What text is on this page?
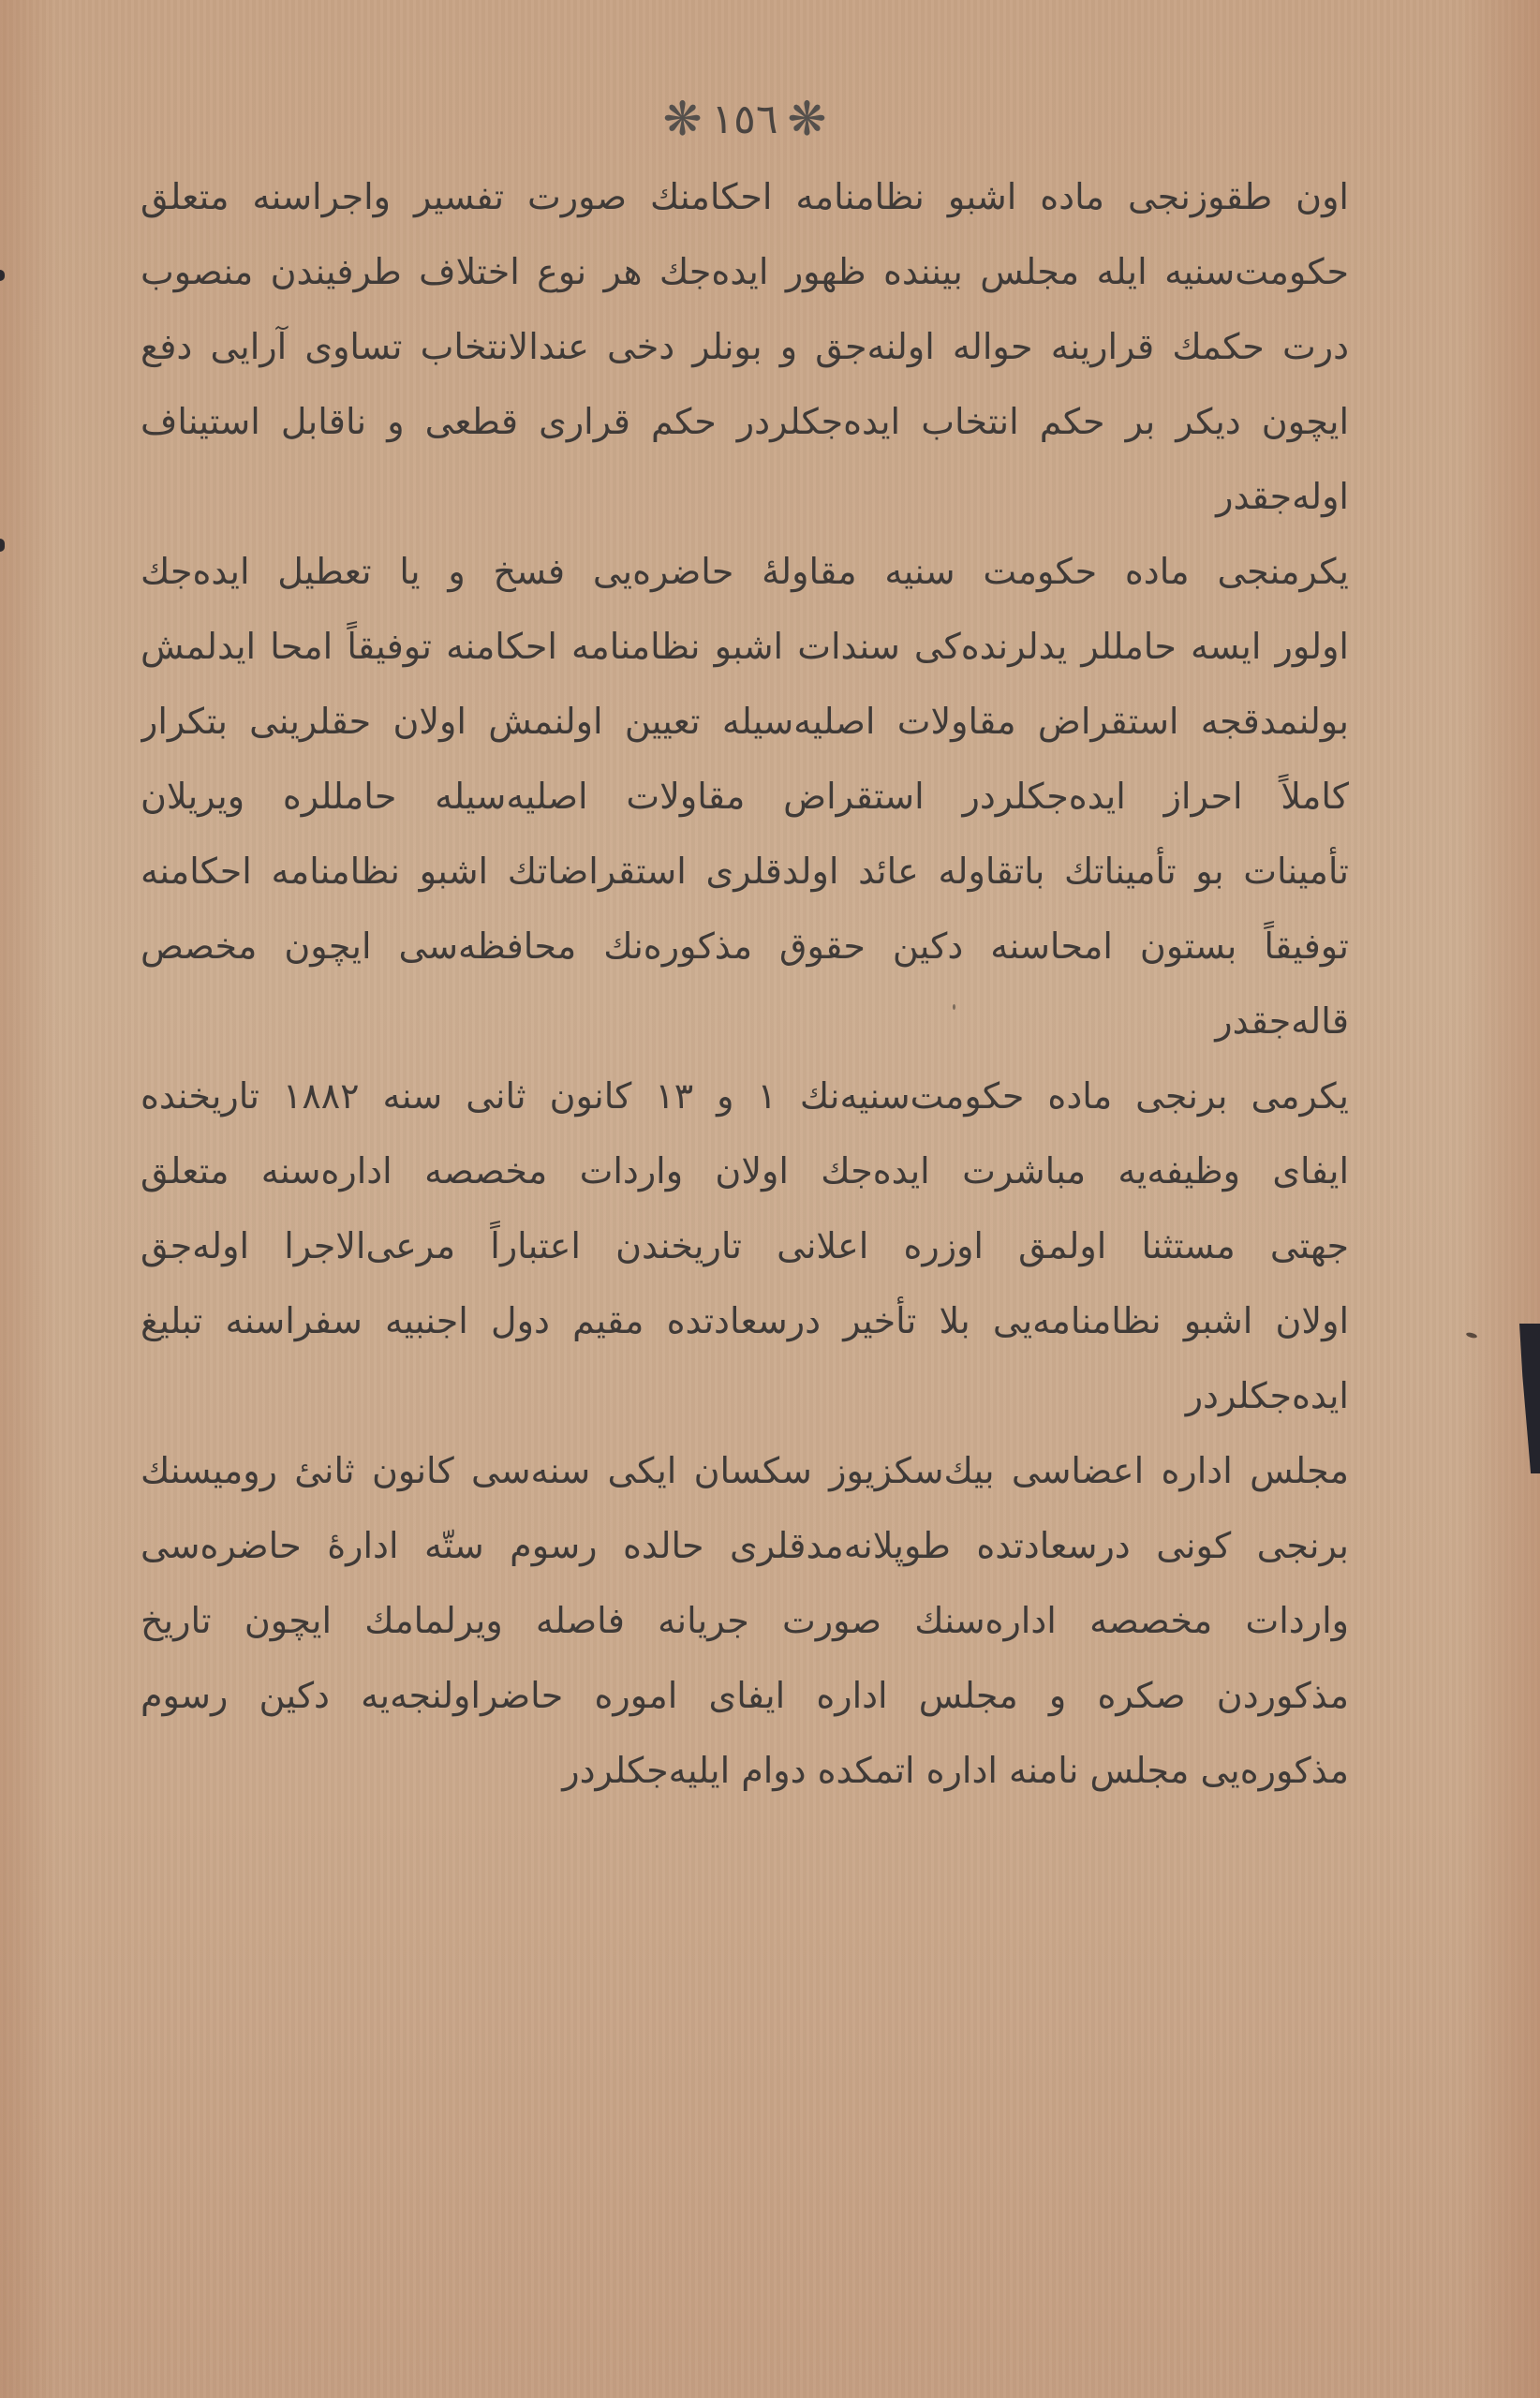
❋
١٥٦
❋
اون طقوزنجی ماده اشبو نظامنامه احکامنك صورت تفسیر واجراسنه متعلق
حکومت‌سنیه ایله مجلس بیننده ظهور ایده‌جك هر نوع اختلاف طرفیندن منصوب
درت حکمك قرارینه حواله اولنه‌جق و بونلر دخی عندالانتخاب تساوی آرایی دفع
ایچون دیکر بر حکم انتخاب ایده‌جکلردر حکم قراری قطعی و ناقابل استیناف
اوله‌جقدر
یکرمنجی ماده حکومت سنیه مقاوله‌ٔ حاضره‌یی فسخ و یا تعطیل ایده‌جك
اولور ایسه حامللر یدلرنده‌کی سندات اشبو نظامنامه احکامنه توفیقاً امحا ایدلمش
بولنمدقجه استقراض مقاولات اصلیه‌سیله تعیین اولنمش اولان حقلرینی بتکرار
کاملاً احراز ایده‌جکلردر استقراض مقاولات اصلیه‌سیله حامللره ویریلان
تأمینات بو تأمیناتك باتقاوله عائد اولدقلری استقراضاتك اشبو نظامنامه احکامنه
توفیقاً بستون امحاسنه دکین حقوق مذکوره‌نك محافظه‌سی ایچون مخصص
قاله‌جقدر
یکرمی برنجی ماده حکومت‌سنیه‌نك ۱ و ۱۳ کانون ثانی سنه ۱۸۸۲ تاریخنده
ایفای وظیفه‌یه مباشرت ایده‌جك اولان واردات مخصصه اداره‌سنه متعلق
جهتی مستثنا اولمق اوزره اعلانی تاریخندن اعتباراً مرعی‌الاجرا اوله‌جق
اولان اشبو نظامنامه‌یی بلا تأخیر درسعادتده مقیم دول اجنبیه سفراسنه تبلیغ
ایده‌جکلردر
مجلس اداره اعضاسی بیك‌سکزیوز سکسان ایکی سنه‌سی کانون ثانیٔ رومیسنك
برنجی کونی درسعادتده طوپلانه‌مدقلری حالده رسوم ستّه ادارهٔ حاضره‌سی
واردات مخصصه اداره‌سنك صورت جریانه فاصله ویرلمامك ایچون تاریخ
مذکوردن صکره و مجلس اداره ایفای اموره حاضراولنجه‌یه دکین رسوم
مذکوره‌یی مجلس نامنه اداره اتمکده دوام ایلیه‌جکلردر
